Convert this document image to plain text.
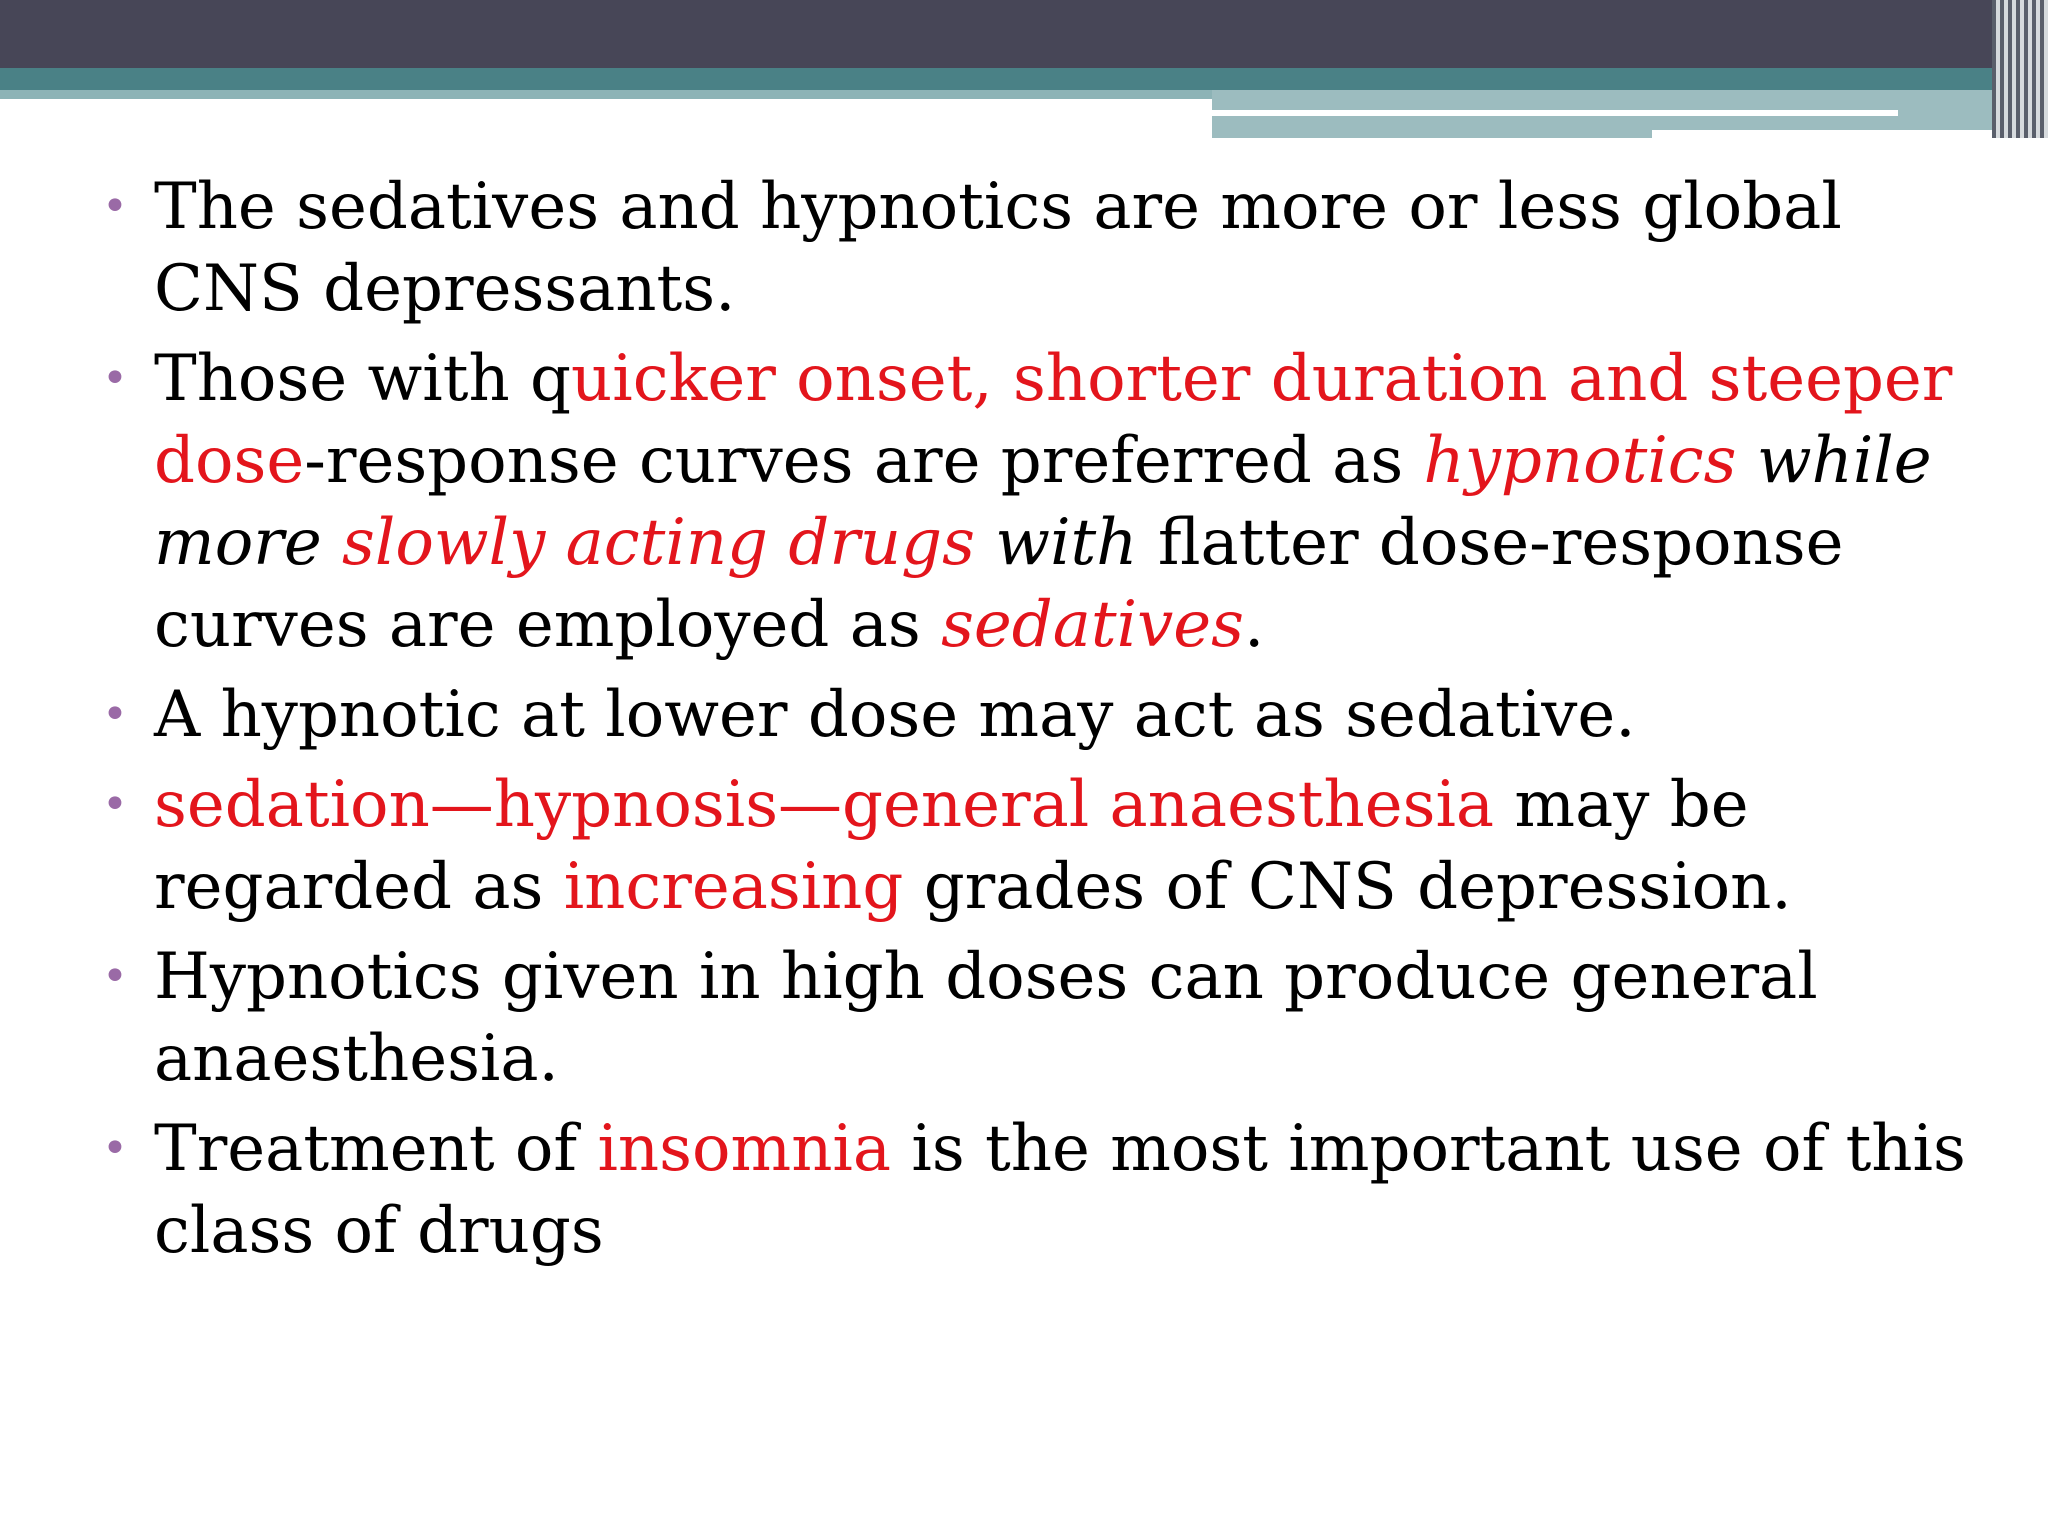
• The sedatives and hypnotics are more or less global CNS depressants.
• Those with quicker onset, shorter duration and steeper dose-response curves are preferred as hypnotics while more slowly acting drugs with flatter dose-response curves are employed as sedatives.
• A hypnotic at lower dose may act as sedative.
• sedation—hypnosis—general anaesthesia may be regarded as increasing grades of CNS depression.
• Hypnotics given in high doses can produce general anaesthesia.
• Treatment of insomnia is the most important use of this class of drugs
